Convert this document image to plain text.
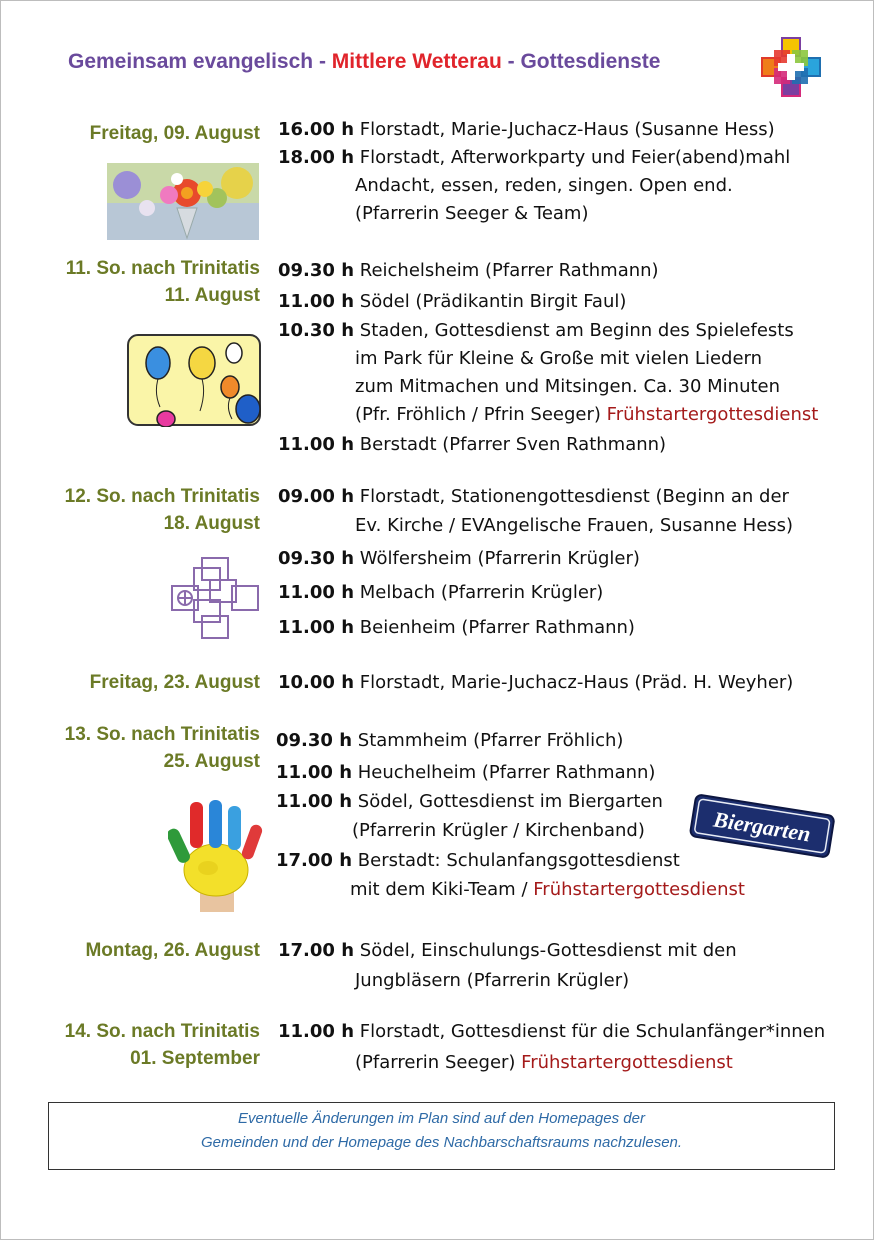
Gemeinsam evangelisch - Mittlere Wetterau - Gottesdienste
Freitag, 09. August 16.00 h Florstadt, Marie-Juchacz-Haus (Susanne Hess)
18.00 h Florstadt, Afterworkparty und Feier(abend)mahl
Andacht, essen, reden, singen. Open end.
(Pfarrerin Seeger & Team)
11. So. nach Trinitatis
11. August
09.30 h Reichelsheim (Pfarrer Rathmann)
11.00 h Södel (Prädikantin Birgit Faul)
10.30 h Staden, Gottesdienst am Beginn des Spielefests
im Park für Kleine & Große mit vielen Liedern
zum Mitmachen und Mitsingen. Ca. 30 Minuten
(Pfr. Fröhlich / Pfrin Seeger) Frühstartergottesdienst
11.00 h Berstadt (Pfarrer Sven Rathmann)
12. So. nach Trinitatis
18. August
09.00 h Florstadt, Stationengottesdienst (Beginn an der
Ev. Kirche / EVAngelische Frauen, Susanne Hess)
09.30 h Wölfersheim (Pfarrerin Krügler)
11.00 h Melbach (Pfarrerin Krügler)
11.00 h Beienheim (Pfarrer Rathmann)
Freitag, 23. August 10.00 h Florstadt, Marie-Juchacz-Haus (Präd. H. Weyher)
13. So. nach Trinitatis
25. August
09.30 h Stammheim (Pfarrer Fröhlich)
11.00 h Heuchelheim (Pfarrer Rathmann)
11.00 h Södel, Gottesdienst im Biergarten
(Pfarrerin Krügler / Kirchenband)
17.00 h Berstadt: Schulanfangsgottesdienst
mit dem Kiki-Team / Frühstartergottesdienst
Biergarten
Montag, 26. August 17.00 h Södel, Einschulungs-Gottesdienst mit den
Jungbläsern (Pfarrerin Krügler)
14. So. nach Trinitatis
01. September
11.00 h Florstadt, Gottesdienst für die Schulanfänger*innen
(Pfarrerin Seeger) Frühstartergottesdienst
Eventuelle Änderungen im Plan sind auf den Homepages der
Gemeinden und der Homepage des Nachbarschaftsraums nachzulesen.
